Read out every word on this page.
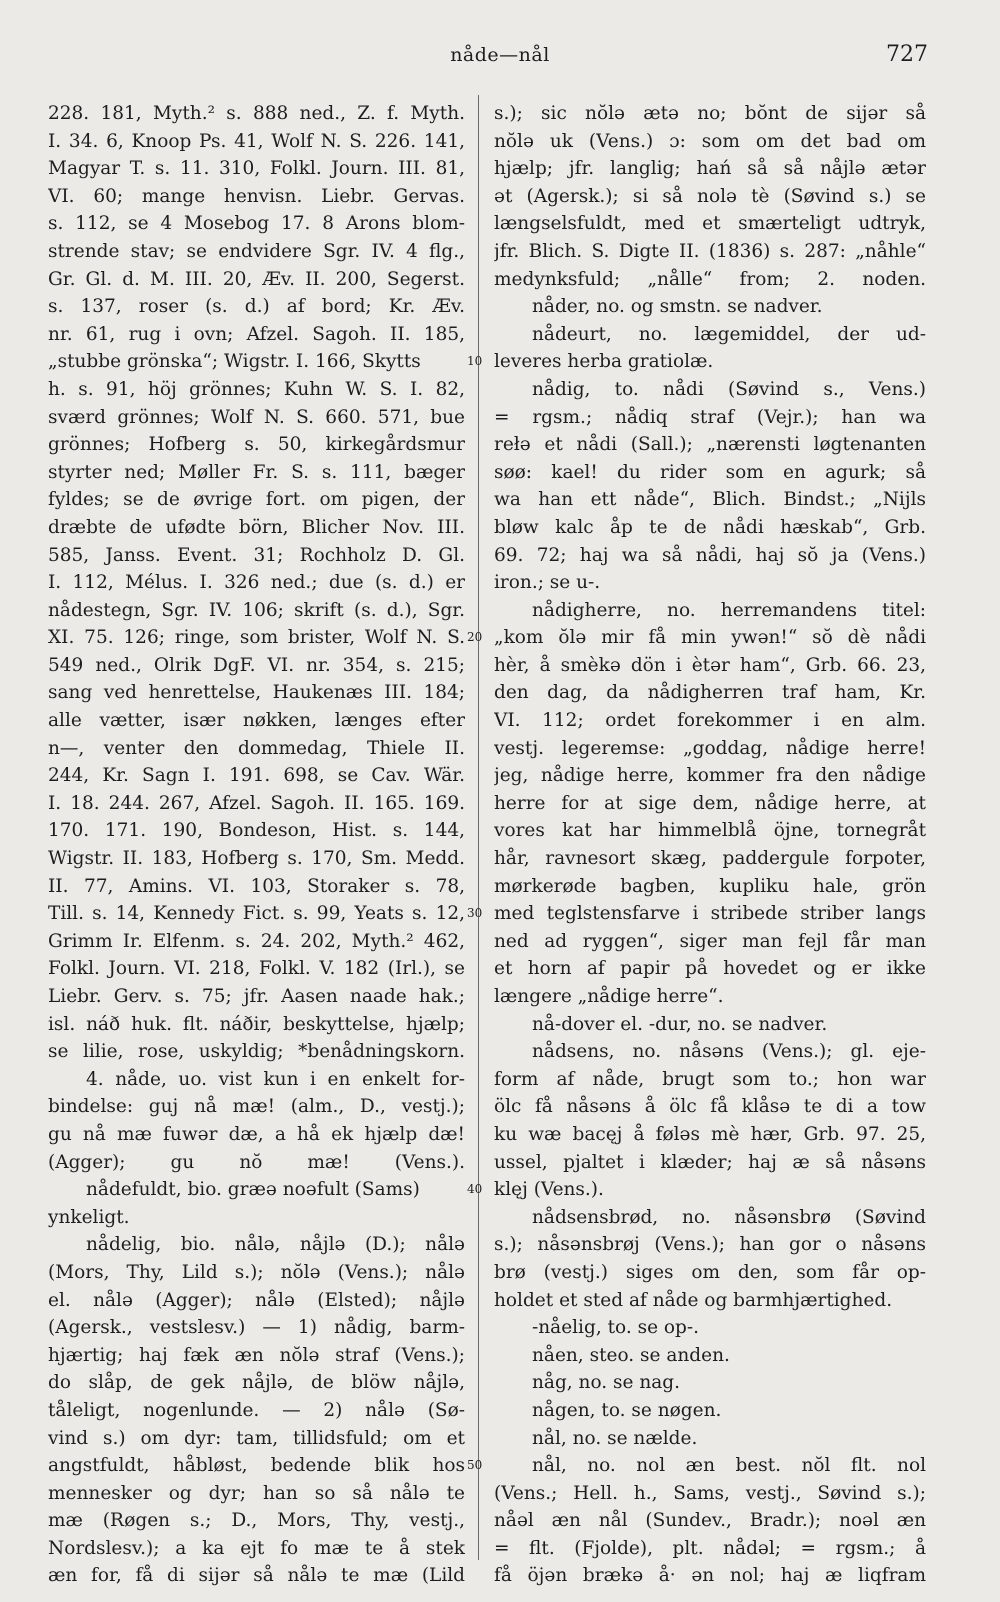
nåde—nål	727
228. 181, Myth.² s. 888 ned., Z. f. Myth.
I. 34. 6, Knoop Ps. 41, Wolf N. S. 226. 141,
Magyar T. s. 11. 310, Folkl. Journ. III. 81,
VI. 60; mange henvisn. Liebr. Gervas.
s. 112, se 4 Mosebog 17. 8 Arons blom-
strende stav; se endvidere Sgr. IV. 4 flg.,
Gr. Gl. d. M. III. 20, Æv. II. 200, Segerst.
s. 137, roser (s. d.) af bord; Kr. Æv.
nr. 61, rug i ovn; Afzel. Sagoh. II. 185,
„stubbe grönska“; Wigstr. I. 166, Skytts
h. s. 91, höj grönnes; Kuhn W. S. I. 82,
sværd grönnes; Wolf N. S. 660. 571, bue
grönnes; Hofberg s. 50, kirkegårdsmur
styrter ned; Møller Fr. S. s. 111, bæger
fyldes; se de øvrige fort. om pigen, der
dræbte de ufødte börn, Blicher Nov. III.
585, Janss. Event. 31; Rochholz D. Gl.
I. 112, Mélus. I. 326 ned.; due (s. d.) er
nådestegn, Sgr. IV. 106; skrift (s. d.), Sgr.
XI. 75. 126; ringe, som brister, Wolf N. S.
549 ned., Olrik DgF. VI. nr. 354, s. 215;
sang ved henrettelse, Haukenæs III. 184;
alle vætter, især nøkken, længes efter
n—, venter den dommedag, Thiele II.
244, Kr. Sagn I. 191. 698, se Cav. Wär.
I. 18. 244. 267, Afzel. Sagoh. II. 165. 169.
170. 171. 190, Bondeson, Hist. s. 144,
Wigstr. II. 183, Hofberg s. 170, Sm. Medd.
II. 77, Amins. VI. 103, Storaker s. 78,
Till. s. 14, Kennedy Fict. s. 99, Yeats s. 12,
Grimm Ir. Elfenm. s. 24. 202, Myth.² 462,
Folkl. Journ. VI. 218, Folkl. V. 182 (Irl.), se
Liebr. Gerv. s. 75; jfr. Aasen naade hak.;
isl. náð huk. flt. náðir, beskyttelse, hjælp;
se lilie, rose, uskyldig; *benådningskorn.
4. nåde, uo. vist kun i en enkelt for-
bindelse: guj nå mæ! (alm., D., vestj.);
gu nå mæ fuwər dæ, a hå ek hjælp dæ!
(Agger); gu nŏ mæ! (Vens.).
nådefuldt, bio. græə noəfult (Sams)
ynkeligt.
nådelig, bio. nålə, nåjlə (D.); nålə
(Mors, Thy, Lild s.); nŏlə (Vens.); nålə
el. nålə (Agger); nålə (Elsted); nåjlə
(Agersk., vestslesv.) — 1) nådig, barm-
hjærtig; haj fæk æn nŏlə straf (Vens.);
do slåp, de gek nåjlə, de blöw nåjlə,
tåleligt, nogenlunde. — 2) nålə (Sø-
vind s.) om dyr: tam, tillidsfuld; om et
angstfuldt, håbløst, bedende blik hos
mennesker og dyr; han so så nålə te
mæ (Røgen s.; D., Mors, Thy, vestj.,
Nordslesv.); a ka ejt fo mæ te å stek
æn for, få di sijər så nålə te mæ (Lild
s.); sic nŏlə ætə no; bŏnt de sijər så
nŏlə uk (Vens.) ɔ: som om det bad om
hjælp; jfr. langlig; hań så så nåjlə ætər
ət (Agersk.); si så nolə tè (Søvind s.) se
længselsfuldt, med et smærteligt udtryk,
jfr. Blich. S. Digte II. (1836) s. 287: „nåhle“
medynksfuld; „nålle“ from; 2. noden.
nåder, no. og smstn. se nadver.
nådeurt, no. lægemiddel, der ud-
leveres herba gratiolæ.
nådig, to. nådi (Søvind s., Vens.)
= rgsm.; nådiq straf (Vejr.); han wa
rełə et nådi (Sall.); „nærensti løgtenanten
søø: kael! du rider som en agurk; så
wa han ett nåde“, Blich. Bindst.; „Nijls
bløw kalc åp te de nådi hæskab“, Grb.
69. 72; haj wa så nådi, haj sŏ ja (Vens.)
iron.; se u-.
nådigherre, no. herremandens titel:
„kom ŏlə mir få min ywən!“ sŏ dè nådi
hèr, å smèkə dön i ètər ham“, Grb. 66. 23,
den dag, da nådigherren traf ham, Kr.
VI. 112; ordet forekommer i en alm.
vestj. legeremse: „goddag, nådige herre!
jeg, nådige herre, kommer fra den nådige
herre for at sige dem, nådige herre, at
vores kat har himmelblå öjne, tornegråt
hår, ravnesort skæg, paddergule forpoter,
mørkerøde bagben, kupliku hale, grön
med teglstensfarve i stribede striber langs
ned ad ryggen“, siger man fejl får man
et horn af papir på hovedet og er ikke
længere „nådige herre“.
nå-dover el. -dur, no. se nadver.
nådsens, no. nåsəns (Vens.); gl. eje-
form af nåde, brugt som to.; hon war
ölc få nåsəns å ölc få klåsə te di a tow
ku wæ bacęj å føləs mè hær, Grb. 97. 25,
ussel, pjaltet i klæder; haj æ så nåsəns
klęj (Vens.).
nådsensbrød, no. nåsənsbrø (Søvind
s.); nåsənsbrøj (Vens.); han gor o nåsəns
brø (vestj.) siges om den, som får op-
holdet et sted af nåde og barmhjærtighed.
-nåelig, to. se op-.
nåen, steo. se anden.
någ, no. se nag.
någen, to. se nøgen.
nål, no. se nælde.
nål, no. nol æn best. nŏl flt. nol
(Vens.; Hell. h., Sams, vestj., Søvind s.);
nåəl æn nål (Sundev., Bradr.); noəl æn
= flt. (Fjolde), plt. nådəl; = rgsm.; å
få öjən brækə å· ən nol; haj æ liqfram
10
20
30
40
50
